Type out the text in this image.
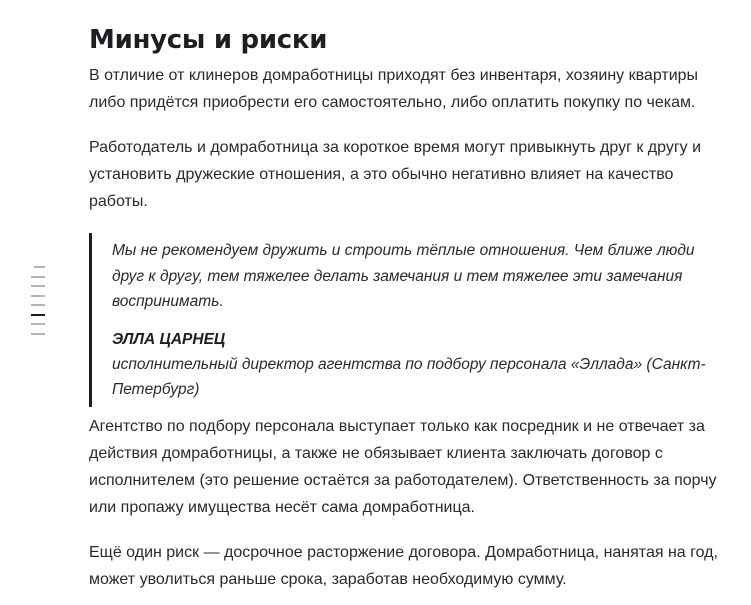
Минусы и риски

В отличие от клинеров домработницы приходят без инвентаря, хозяину квартиры либо придётся приобрести его самостоятельно, либо оплатить покупку по чекам.

Работодатель и домработница за короткое время могут привыкнуть друг к другу и установить дружеские отношения, а это обычно негативно влияет на качество работы.

Мы не рекомендуем дружить и строить тёплые отношения. Чем ближе люди друг к другу, тем тяжелее делать замечания и тем тяжелее эти замечания воспринимать.
ЭЛЛА ЦАРНЕЦ
исполнительный директор агентства по подбору персонала «Эллада» (Санкт-Петербург)

Агентство по подбору персонала выступает только как посредник и не отвечает за действия домработницы, а также не обязывает клиента заключать договор с исполнителем (это решение остаётся за работодателем). Ответственность за порчу или пропажу имущества несёт сама домработница.

Ещё один риск — досрочное расторжение договора. Домработница, нанятая на год, может уволиться раньше срока, заработав необходимую сумму.
